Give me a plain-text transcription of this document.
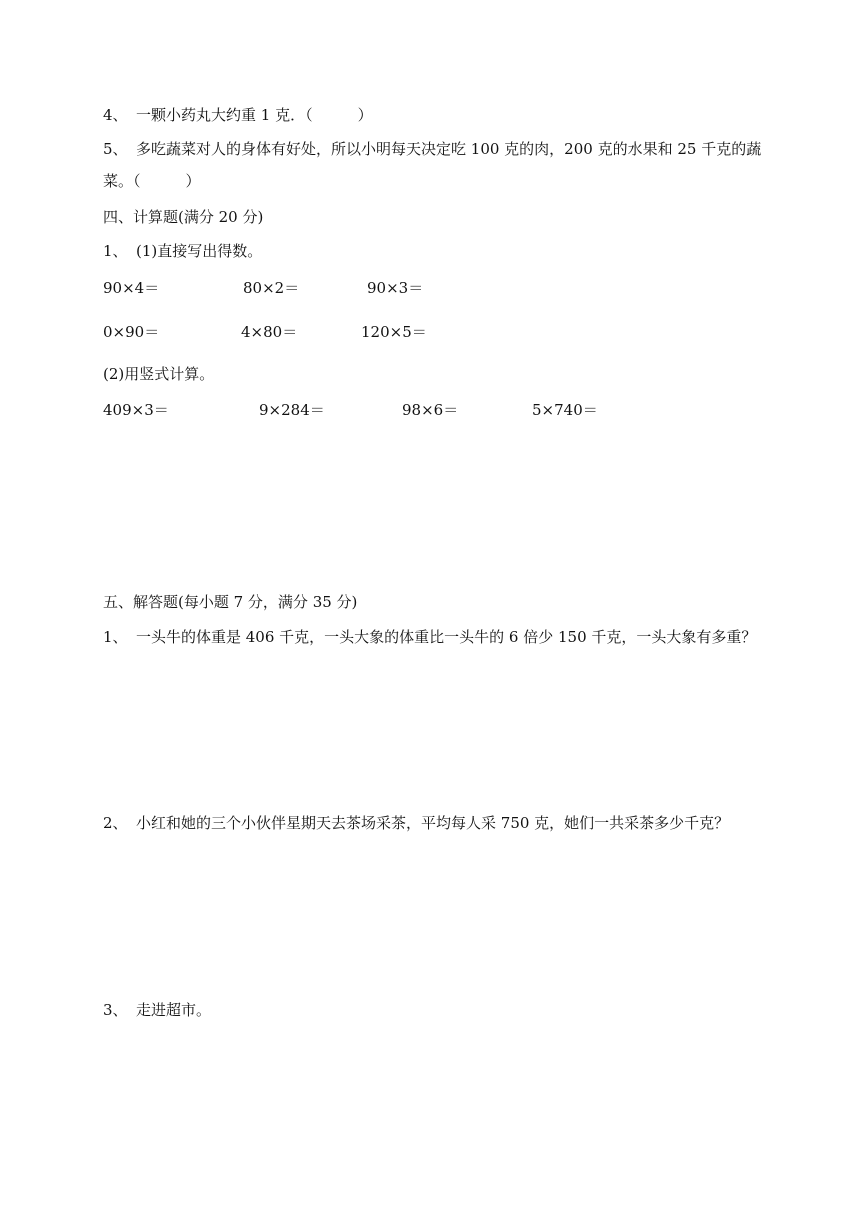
4、 一颗小药丸大约重 1 克．（　　　）
5、 多吃蔬菜对人的身体有好处，所以小明每天决定吃 100 克的肉，200 克的水果和 25 千克的蔬菜。（　　　）
四、计算题(满分 20 分)
1、 (1)直接写出得数。
90×4＝	80×2＝	90×3＝
0×90＝	4×80＝	120×5＝
(2)用竖式计算。
409×3＝	9×284＝	98×6＝	5×740＝
五、解答题(每小题 7 分，满分 35 分)
1、 一头牛的体重是 406 千克，一头大象的体重比一头牛的 6 倍少 150 千克，一头大象有多重？
2、 小红和她的三个小伙伴星期天去茶场采茶，平均每人采 750 克，她们一共采茶多少千克？
3、 走进超市。
